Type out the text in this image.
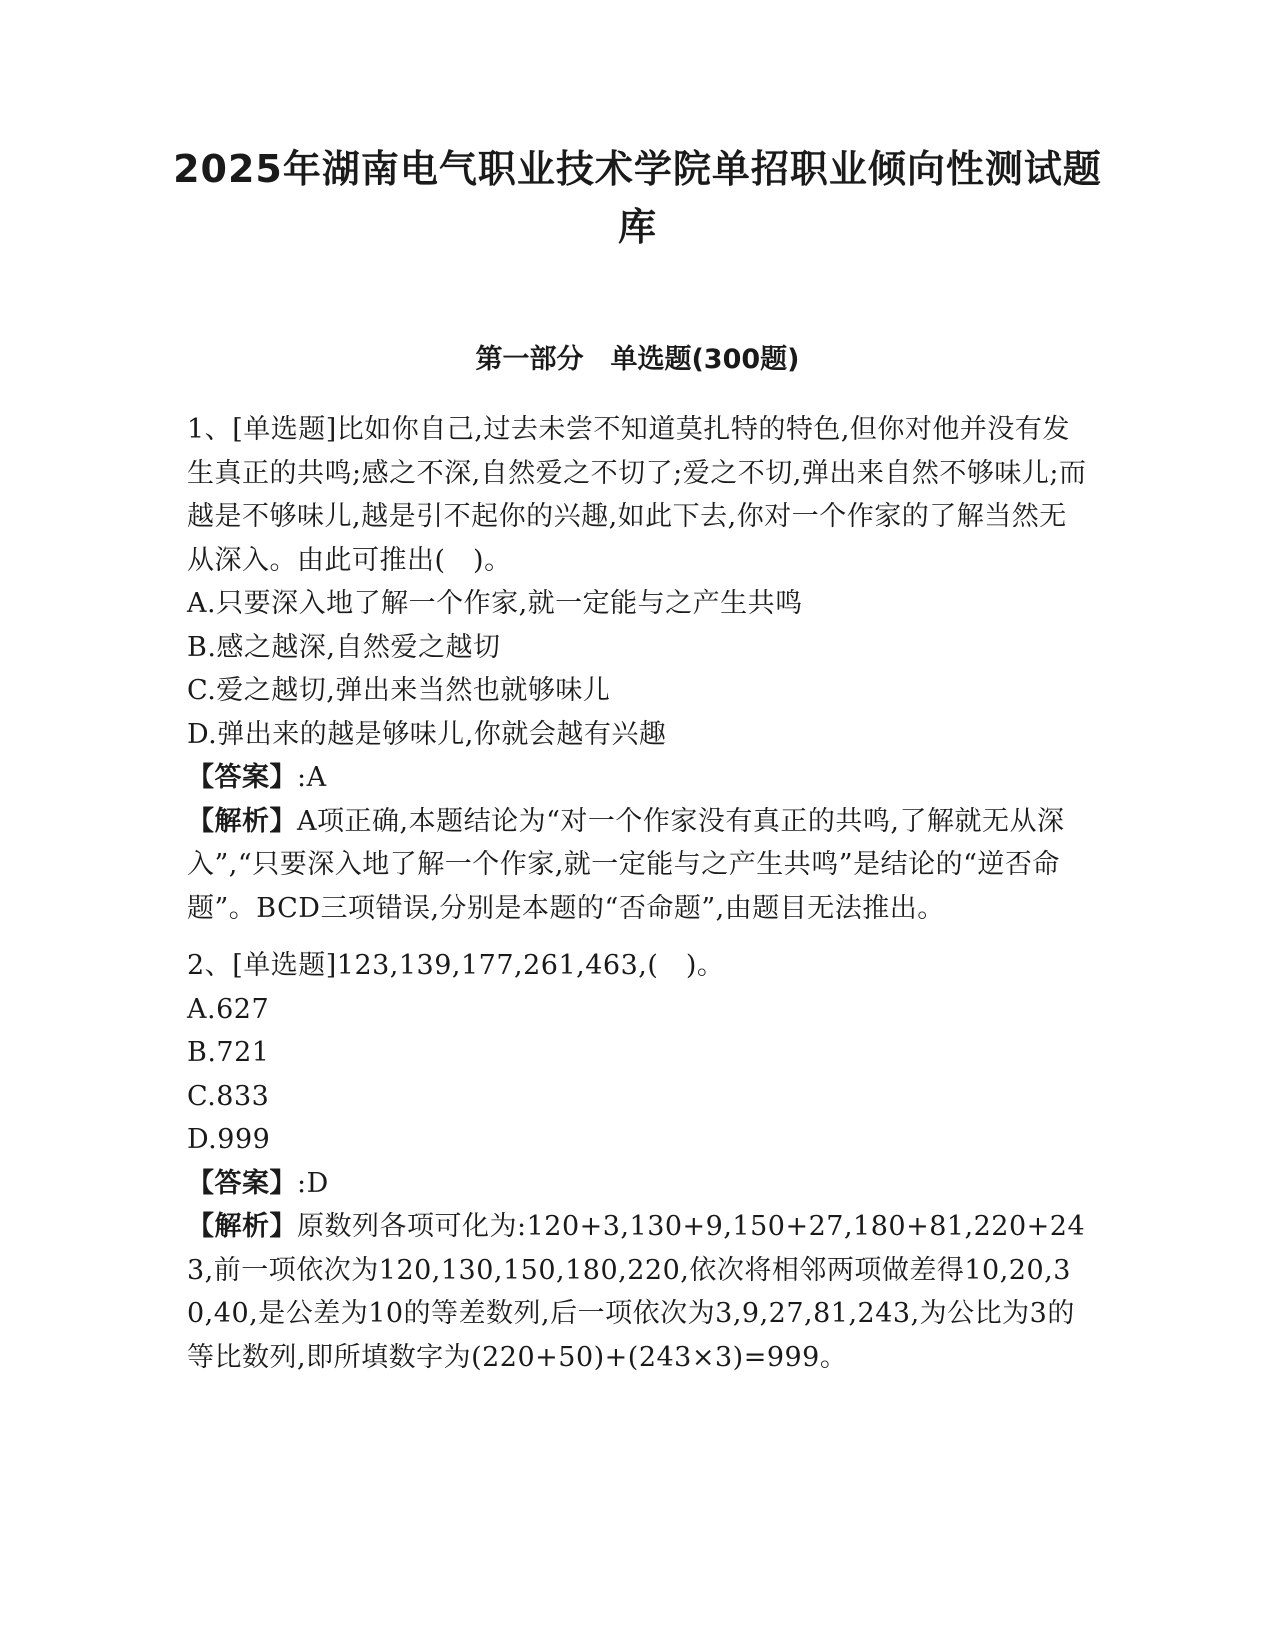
2025年湖南电气职业技术学院单招职业倾向性测试题库
第一部分　单选题(300题)

1、[单选题]比如你自己,过去未尝不知道莫扎特的特色,但你对他并没有发生真正的共鸣;感之不深,自然爱之不切了;爱之不切,弹出来自然不够味儿;而越是不够味儿,越是引不起你的兴趣,如此下去,你对一个作家的了解当然无从深入。由此可推出(　)。

A.只要深入地了解一个作家,就一定能与之产生共鸣

B.感之越深,自然爱之越切

C.爱之越切,弹出来当然也就够味儿

D.弹出来的越是够味儿,你就会越有兴趣

【答案】:A

【解析】A项正确,本题结论为“对一个作家没有真正的共鸣,了解就无从深入”,“只要深入地了解一个作家,就一定能与之产生共鸣”是结论的“逆否命题”。BCD三项错误,分别是本题的“否命题”,由题目无法推出。

2、[单选题]123,139,177,261,463,(　)。

A.627

B.721

C.833

D.999

【答案】:D

【解析】原数列各项可化为:120+3,130+9,150+27,180+81,220+243,前一项依次为120,130,150,180,220,依次将相邻两项做差得10,20,30,40,是公差为10的等差数列,后一项依次为3,9,27,81,243,为公比为3的等比数列,即所填数字为(220+50)+(243×3)=999。
